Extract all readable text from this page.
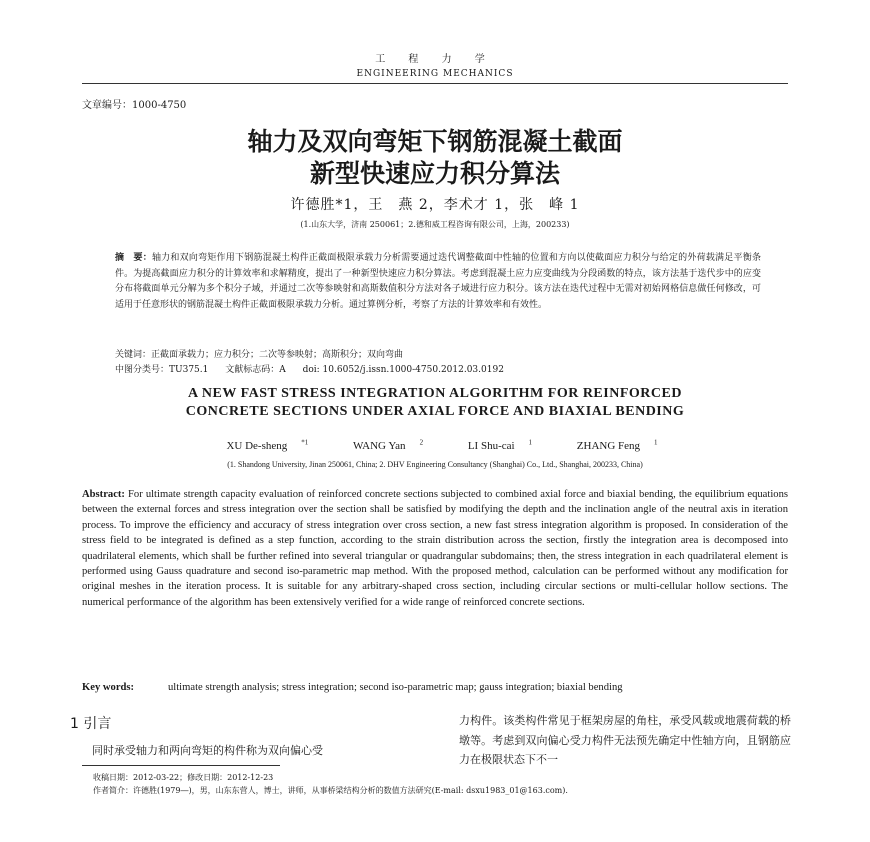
工 程 力 学
ENGINEERING MECHANICS
文章编号：1000-4750
轴力及双向弯矩下钢筋混凝土截面
新型快速应力积分算法
许德胜*1，王　燕 2，李术才 1，张　峰 1
(1.山东大学，济南 250061；2.德和威工程咨询有限公司，上海，200233)
摘　要：轴力和双向弯矩作用下钢筋混凝土构件正截面极限承载力分析需要通过迭代调整截面中性轴的位置和方向以使截面应力积分与给定的外荷载满足平衡条件。为提高截面应力积分的计算效率和求解精度，提出了一种新型快速应力积分算法。考虑到混凝土应力应变曲线为分段函数的特点，该方法基于迭代步中的应变分布将截面单元分解为多个积分子域，并通过二次等参映射和高斯数值积分方法对各子域进行应力积分。该方法在迭代过程中无需对初始网格信息做任何修改，可适用于任意形状的钢筋混凝土构件正截面极限承载力分析。通过算例分析，考察了方法的计算效率和有效性。
关键词：正截面承载力；应力积分；二次等参映射；高斯积分；双向弯曲
中图分类号：TU375.1 文献标志码：A doi: 10.6052/j.issn.1000-4750.2012.03.0192
A NEW FAST STRESS INTEGRATION ALGORITHM FOR REINFORCED
CONCRETE SECTIONS UNDER AXIAL FORCE AND BIAXIAL BENDING
XU De-sheng $^{*1}$	WANG Yan $^2$	LI Shu-cai $^1$	ZHANG Feng $^1$
(1. Shandong University, Jinan 250061, China; 2. DHV Engineering Consultancy (Shanghai) Co., Ltd., Shanghai, 200233, China)
Abstract: For ultimate strength capacity evaluation of reinforced concrete sections subjected to combined axial force and biaxial bending, the equilibrium equations between the external forces and stress integration over the section shall be satisfied by modifying the depth and the inclination angle of the neutral axis in iteration process. To improve the efficiency and accuracy of stress integration over cross section, a new fast stress integration algorithm is proposed. In consideration of the stress field to be integrated is defined as a step function, according to the strain distribution across the section, firstly the integration area is decomposed into quadrilateral elements, which shall be further refined into several triangular or quadrangular subdomains; then, the stress integration in each quadrilateral element is performed using Gauss quadrature and second iso-parametric map method. With the proposed method, calculation can be performed without any modification for original meshes in the iteration process. It is suitable for any arbitrary-shaped cross section, including circular sections or multi-cellular hollow sections. The numerical performance of the algorithm has been extensively verified for a wide range of reinforced concrete sections.
Key words:	ultimate strength analysis; stress integration; second iso-parametric map; gauss integration; biaxial bending
1 引言
同时承受轴力和两向弯矩的构件称为双向偏心受
力构件。该类构件常见于框架房屋的角柱，承受风载或地震荷载的桥墩等。考虑到双向偏心受力构件无法预先确定中性轴方向，且钢筋应力在极限状态下不一
收稿日期：2012-03-22；修改日期：2012-12-23
作者简介：许德胜(1979―)，男，山东东营人，博士，讲师，从事桥梁结构分析的数值方法研究(E-mail: dsxu1983_01@163.com).
